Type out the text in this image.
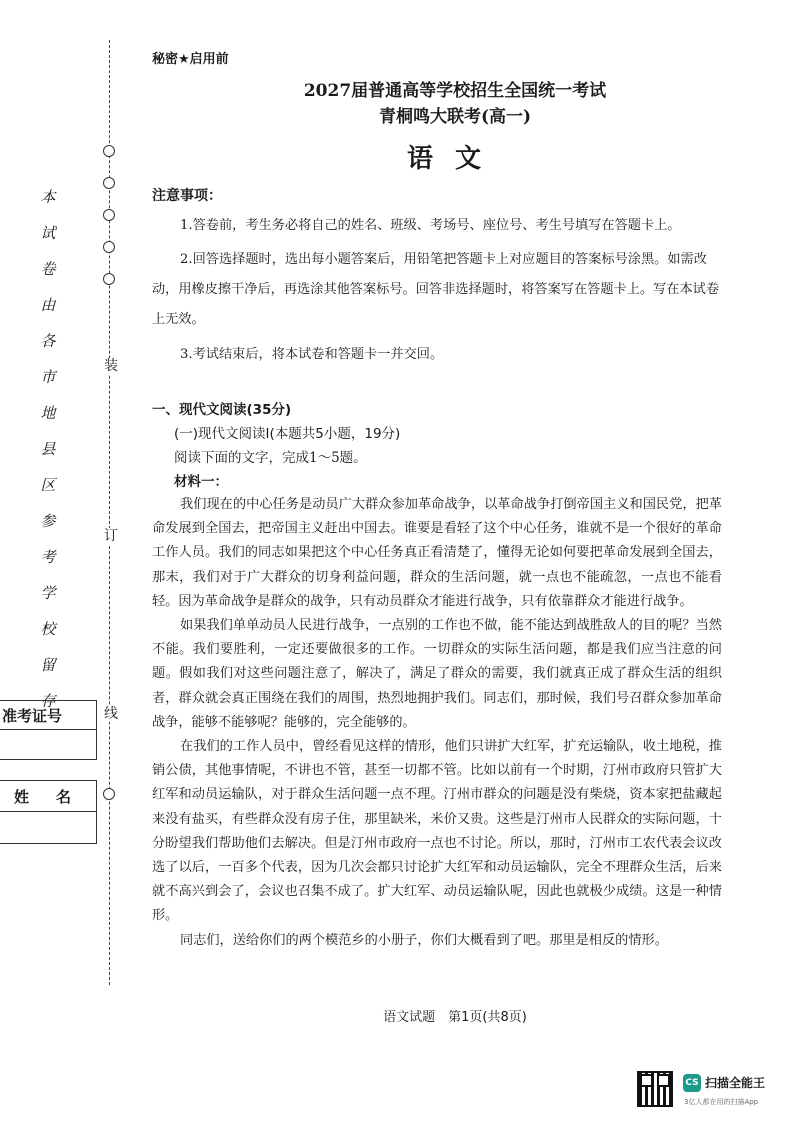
装
订
线
本
试
卷
由
各
市
地
县
区
参
考
学
校
留
存
准考证号
姓　名
秘密★启用前
2027届普通高等学校招生全国统一考试
青桐鸣大联考(高一)
语文
注意事项：
1.答卷前，考生务必将自己的姓名、班级、考场号、座位号、考生号填写在答题卡上。
2.回答选择题时，选出每小题答案后，用铅笔把答题卡上对应题目的答案标号涂黑。如需改动，用橡皮擦干净后，再选涂其他答案标号。回答非选择题时，将答案写在答题卡上。写在本试卷上无效。
3.考试结束后，将本试卷和答题卡一并交回。
一、现代文阅读(35分)
(一)现代文阅读Ⅰ(本题共5小题，19分)
阅读下面的文字，完成1～5题。
材料一：

我们现在的中心任务是动员广大群众参加革命战争，以革命战争打倒帝国主义和国民党，把革命发展到全国去，把帝国主义赶出中国去。谁要是看轻了这个中心任务，谁就不是一个很好的革命工作人员。我们的同志如果把这个中心任务真正看清楚了，懂得无论如何要把革命发展到全国去，那末，我们对于广大群众的切身利益问题，群众的生活问题，就一点也不能疏忽，一点也不能看轻。因为革命战争是群众的战争，只有动员群众才能进行战争，只有依靠群众才能进行战争。

如果我们单单动员人民进行战争，一点别的工作也不做，能不能达到战胜敌人的目的呢？当然不能。我们要胜利，一定还要做很多的工作。一切群众的实际生活问题，都是我们应当注意的问题。假如我们对这些问题注意了，解决了，满足了群众的需要，我们就真正成了群众生活的组织者，群众就会真正围绕在我们的周围，热烈地拥护我们。同志们，那时候，我们号召群众参加革命战争，能够不能够呢？能够的，完全能够的。

在我们的工作人员中，曾经看见这样的情形，他们只讲扩大红军，扩充运输队，收土地税，推销公债，其他事情呢，不讲也不管，甚至一切都不管。比如以前有一个时期，汀州市政府只管扩大红军和动员运输队，对于群众生活问题一点不理。汀州市群众的问题是没有柴烧，资本家把盐藏起来没有盐买，有些群众没有房子住，那里缺米，米价又贵。这些是汀州市人民群众的实际问题，十分盼望我们帮助他们去解决。但是汀州市政府一点也不讨论。所以，那时，汀州市工农代表会议改选了以后，一百多个代表，因为几次会都只讨论扩大红军和动员运输队，完全不理群众生活，后来就不高兴到会了，会议也召集不成了。扩大红军、动员运输队呢，因此也就极少成绩。这是一种情形。

同志们，送给你们的两个模范乡的小册子，你们大概看到了吧。那里是相反的情形。

语文试题　第1页(共8页)
CS 扫描全能王
3亿人都在用的扫描App
